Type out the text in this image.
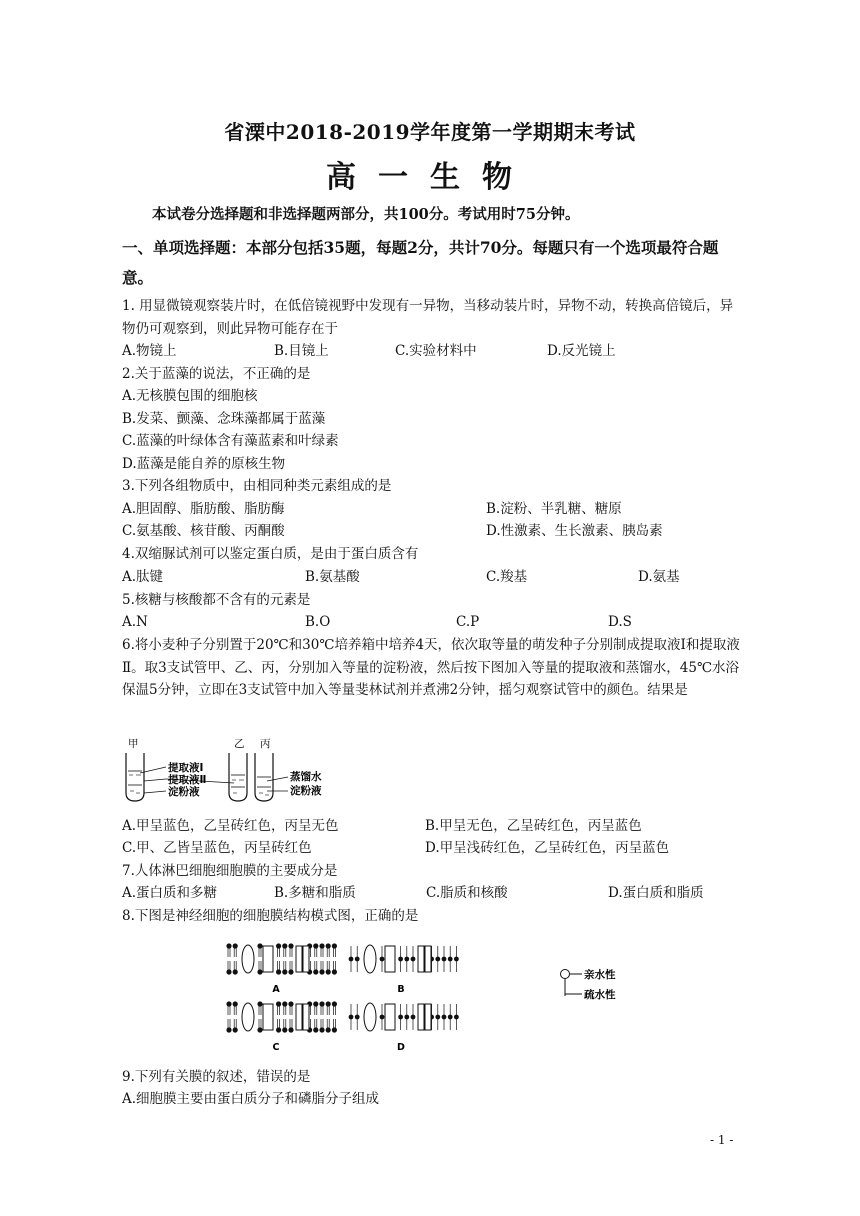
省溧中2018-2019学年度第一学期期末考试
高一生物
本试卷分选择题和非选择题两部分，共100分。考试用时75分钟。
一、单项选择题：本部分包括35题，每题2分，共计70分。每题只有一个选项最符合题意。
1. 用显微镜观察装片时，在低倍镜视野中发现有一异物，当移动装片时，异物不动，转换高倍镜后，异物仍可观察到，则此异物可能存在于
A.物镜上	B.目镜上	C.实验材料中	D.反光镜上
2.关于蓝藻的说法，不正确的是
A.无核膜包围的细胞核
B.发菜、颤藻、念珠藻都属于蓝藻
C.蓝藻的叶绿体含有藻蓝素和叶绿素
D.蓝藻是能自养的原核生物
3.下列各组物质中，由相同种类元素组成的是
A.胆固醇、脂肪酸、脂肪酶	B.淀粉、半乳糖、糖原
C.氨基酸、核苷酸、丙酮酸	D.性激素、生长激素、胰岛素
4.双缩脲试剂可以鉴定蛋白质，是由于蛋白质含有
A.肽键	B.氨基酸	C.羧基	D.氨基
5.核糖与核酸都不含有的元素是
A.N	B.O	C.P	D.S
6.将小麦种子分别置于20℃和30℃培养箱中培养4天，依次取等量的萌发种子分别制成提取液Ⅰ和提取液Ⅱ。取3支试管甲、乙、丙，分别加入等量的淀粉液，然后按下图加入等量的提取液和蒸馏水，45℃水浴保温5分钟，立即在3支试管中加入等量斐林试剂并煮沸2分钟，摇匀观察试管中的颜色。结果是
甲	乙 丙
提取液Ⅰ
提取液Ⅱ
淀粉液
蒸馏水
淀粉液
A.甲呈蓝色，乙呈砖红色，丙呈无色	B.甲呈无色，乙呈砖红色，丙呈蓝色
C.甲、乙皆呈蓝色，丙呈砖红色	D.甲呈浅砖红色，乙呈砖红色，丙呈蓝色
7.人体淋巴细胞细胞膜的主要成分是
A.蛋白质和多糖	B.多糖和脂质	C.脂质和核酸	D.蛋白质和脂质
8.下图是神经细胞的细胞膜结构模式图，正确的是
A	B
C	D
亲水性
疏水性
9.下列有关膜的叙述，错误的是
A.细胞膜主要由蛋白质分子和磷脂分子组成
- 1 -
